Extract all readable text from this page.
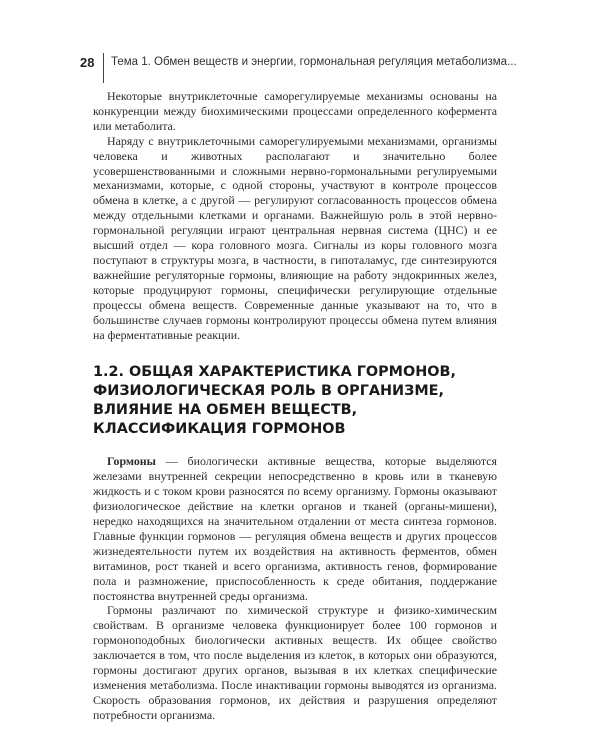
28 Тема 1. Обмен веществ и энергии, гормональная регуляция метаболизма...

Некоторые внутриклеточные саморегулируемые механизмы основаны на конкуренции между биохимическими процессами определенного кофермента или метаболита.

Наряду с внутриклеточными саморегулируемыми механизмами, организмы человека и животных располагают и значительно более усовершенствованными и сложными нервно-гормональными регулируемыми механизмами, которые, с одной стороны, участвуют в контроле процессов обмена в клетке, а с другой — регулируют согласованность процессов обмена между отдельными клетками и органами. Важнейшую роль в этой нервно-гормональной регуляции играют центральная нервная система (ЦНС) и ее высший отдел — кора головного мозга. Сигналы из коры головного мозга поступают в структуры мозга, в частности, в гипоталамус, где синтезируются важнейшие регуляторные гормоны, влияющие на работу эндокринных желез, которые продуцируют гормоны, специфически регулирующие отдельные процессы обмена веществ. Современные данные указывают на то, что в большинстве случаев гормоны контролируют процессы обмена путем влияния на ферментативные реакции.

1.2. ОБЩАЯ ХАРАКТЕРИСТИКА ГОРМОНОВ, ФИЗИОЛОГИЧЕСКАЯ РОЛЬ В ОРГАНИЗМЕ, ВЛИЯНИЕ НА ОБМЕН ВЕЩЕСТВ, КЛАССИФИКАЦИЯ ГОРМОНОВ

Гормоны — биологически активные вещества, которые выделяются железами внутренней секреции непосредственно в кровь или в тканевую жидкость и с током крови разносятся по всему организму. Гормоны оказывают физиологическое действие на клетки органов и тканей (органы-мишени), нередко находящихся на значительном отдалении от места синтеза гормонов. Главные функции гормонов — регуляция обмена веществ и других процессов жизнедеятельности путем их воздействия на активность ферментов, обмен витаминов, рост тканей и всего организма, активность генов, формирование пола и размножение, приспособленность к среде обитания, поддержание постоянства внутренней среды организма.

Гормоны различают по химической структуре и физико-химическим свойствам. В организме человека функционирует более 100 гормонов и гормоноподобных биологически активных веществ. Их общее свойство заключается в том, что после выделения из клеток, в которых они образуются, гормоны достигают других органов, вызывая в их клетках специфические изменения метаболизма. После инактивации гормоны выводятся из организма. Скорость образования гормонов, их действия и разрушения определяют потребности организма.
